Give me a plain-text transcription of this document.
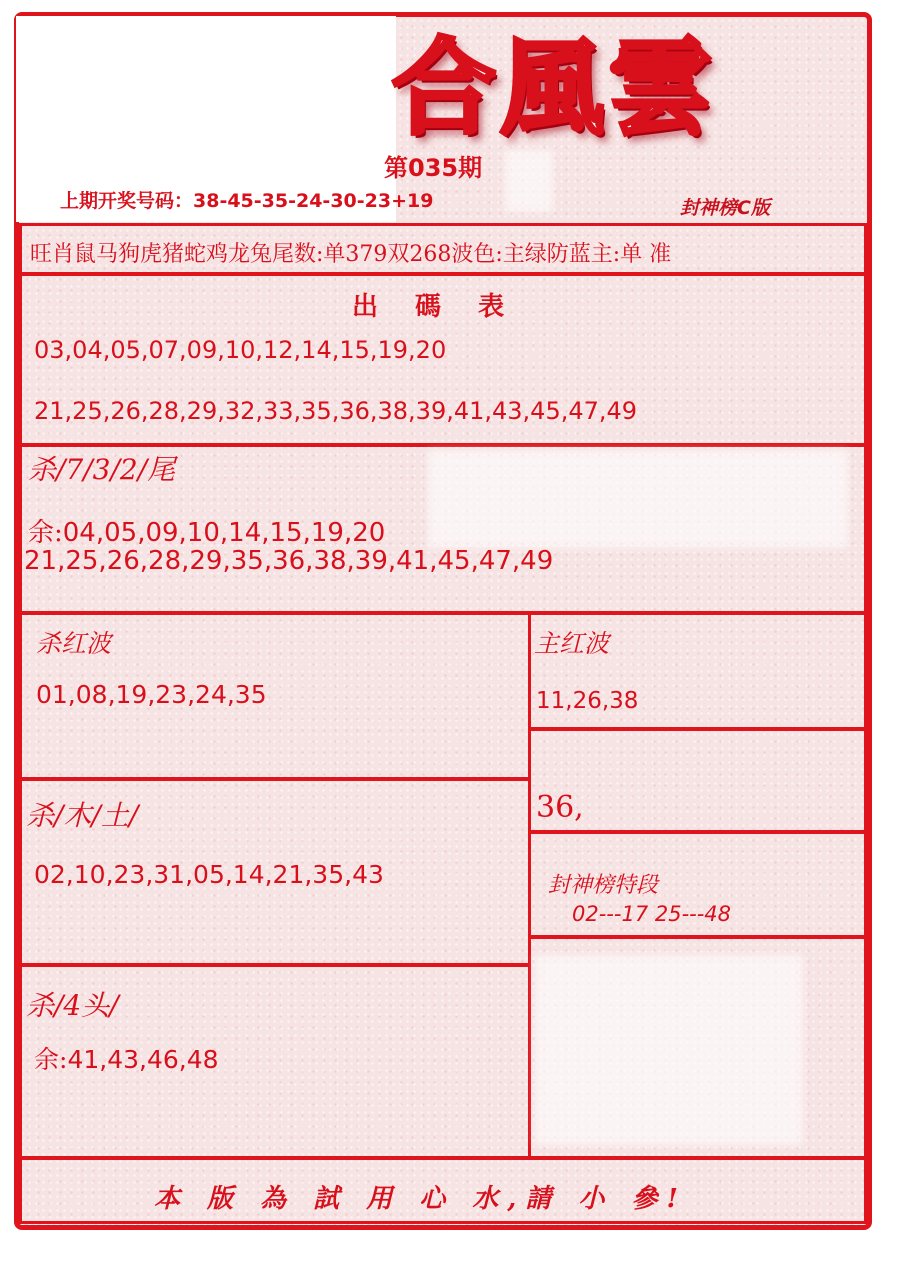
合風雲
第035期
上期开奖号码：38-45-35-24-30-23+19	封神榜C版
旺肖鼠马狗虎猪蛇鸡龙兔尾数:单379双268波色:主绿防蓝主:单 准
出 碼 表
03,04,05,07,09,10,12,14,15,19,20
21,25,26,28,29,32,33,35,36,38,39,41,43,45,47,49
杀/7/3/2/尾
余:04,05,09,10,14,15,19,20
21,25,26,28,29,35,36,38,39,41,45,47,49
杀红波
01,08,19,23,24,35
主红波
11,26,38
36,
杀/木/土/
02,10,23,31,05,14,21,35,43	封神榜特段
02---17 25---48
杀/4头/
余:41,43,46,48
本 版 為 試 用 心 水,請 小 參!
